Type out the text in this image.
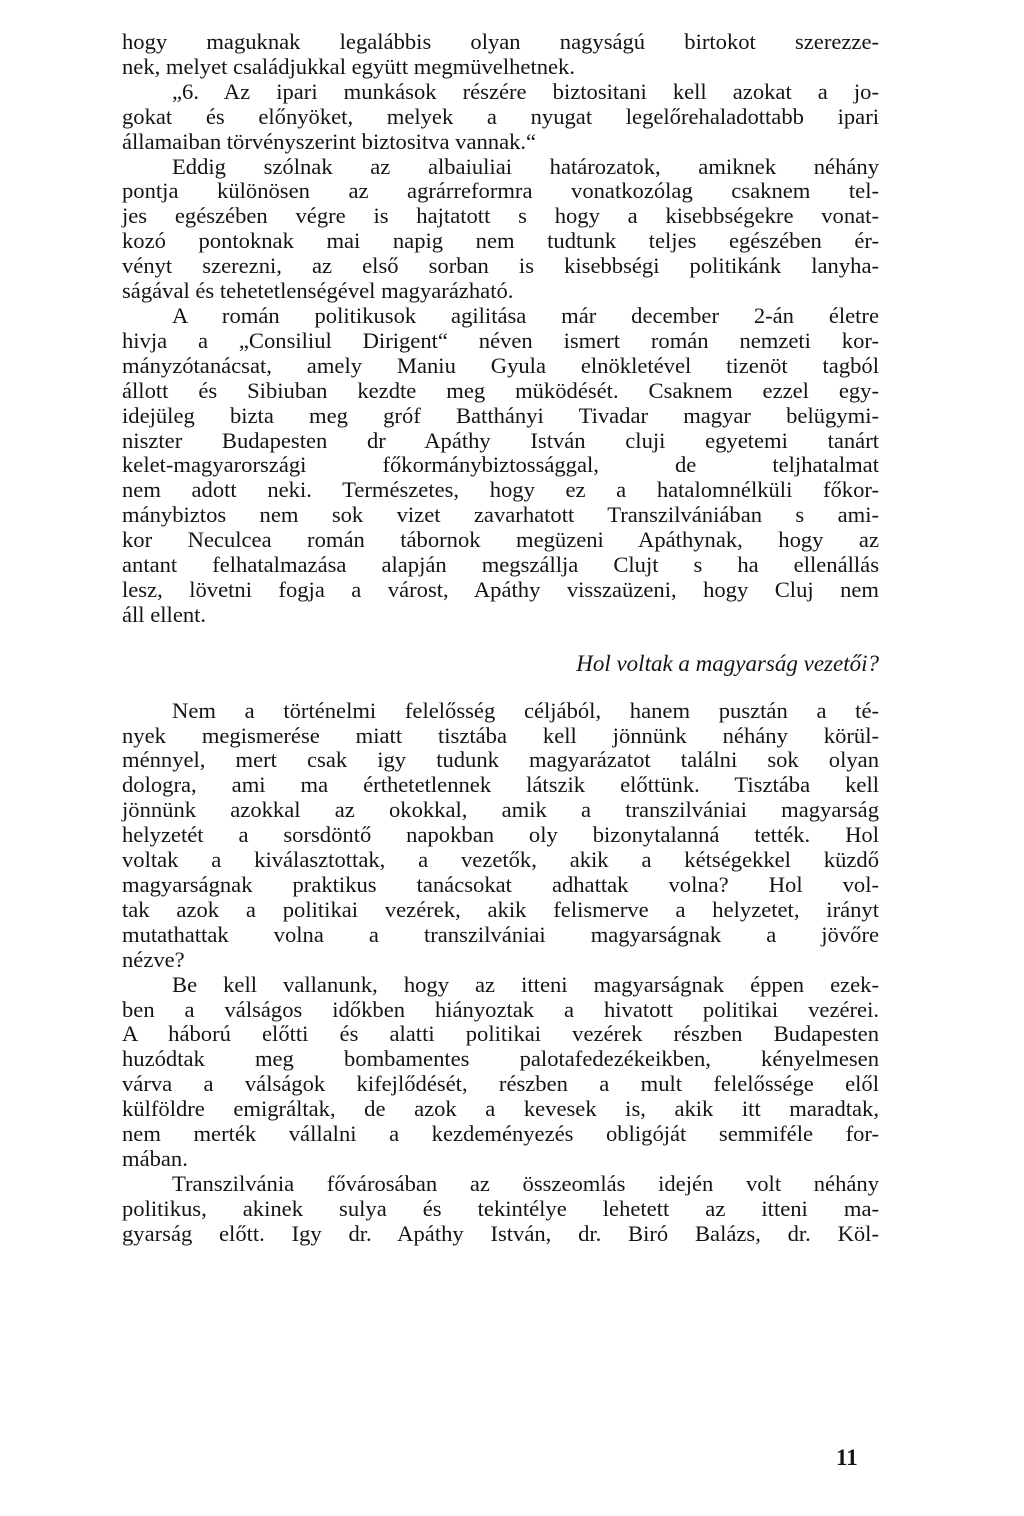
hogy maguknak legalábbis olyan nagyságú birtokot szerezze-
nek, melyet családjukkal együtt megmüvelhetnek.

„6. Az ipari munkások részére biztositani kell azokat a jo-
gokat és előnyöket, melyek a nyugat legelőrehaladottabb ipari
államaiban törvényszerint biztositva vannak.“

Eddig szólnak az albaiuliai határozatok, amiknek néhány
pontja különösen az agrárreformra vonatkozólag csaknem tel-
jes egészében végre is hajtatott s hogy a kisebbségekre vonat-
kozó pontoknak mai napig nem tudtunk teljes egészében ér-
vényt szerezni, az első sorban is kisebbségi politikánk lanyha-
ságával és tehetetlenségével magyarázható.

A román politikusok agilitása már december 2-án életre
hivja a „Consiliul Dirigent“ néven ismert román nemzeti kor-
mányzótanácsat, amely Maniu Gyula elnökletével tizenöt tagból
állott és Sibiuban kezdte meg müködését. Csaknem ezzel egy-
idejüleg bizta meg gróf Batthányi Tivadar magyar belügymi-
niszter Budapesten dr Apáthy István cluji egyetemi tanárt
kelet-magyarországi főkormánybiztossággal, de teljhatalmat
nem adott neki. Természetes, hogy ez a hatalomnélküli főkor-
mánybiztos nem sok vizet zavarhatott Transzilvániában s ami-
kor Neculcea román tábornok megüzeni Apáthynak, hogy az
antant felhatalmazása alapján megszállja Clujt s ha ellenállás
lesz, lövetni fogja a várost, Apáthy visszaüzeni, hogy Cluj nem
áll ellent.

Hol voltak a magyarság vezetői?

Nem a történelmi felelősség céljából, hanem pusztán a té-
nyek megismerése miatt tisztába kell jönnünk néhány körül-
ménnyel, mert csak igy tudunk magyarázatot találni sok olyan
dologra, ami ma érthetetlennek látszik előttünk. Tisztába kell
jönnünk azokkal az okokkal, amik a transzilvániai magyarság
helyzetét a sorsdöntő napokban oly bizonytalanná tették. Hol
voltak a kiválasztottak, a vezetők, akik a kétségekkel küzdő
magyarságnak praktikus tanácsokat adhattak volna? Hol vol-
tak azok a politikai vezérek, akik felismerve a helyzetet, irányt
mutathattak volna a transzilvániai magyarságnak a jövőre
nézve?

Be kell vallanunk, hogy az itteni magyarságnak éppen ezek-
ben a válságos időkben hiányoztak a hivatott politikai vezérei.
A háború előtti és alatti politikai vezérek részben Budapesten
huzódtak meg bombamentes palotafedezékeikben, kényelmesen
várva a válságok kifejlődését, részben a mult felelőssége elől
külföldre emigráltak, de azok a kevesek is, akik itt maradtak,
nem merték vállalni a kezdeményezés obligóját semmiféle for-
mában.

Transzilvánia fővárosában az összeomlás idején volt néhány
politikus, akinek sulya és tekintélye lehetett az itteni ma-
gyarság előtt. Igy dr. Apáthy István, dr. Biró Balázs, dr. Köl-

11
